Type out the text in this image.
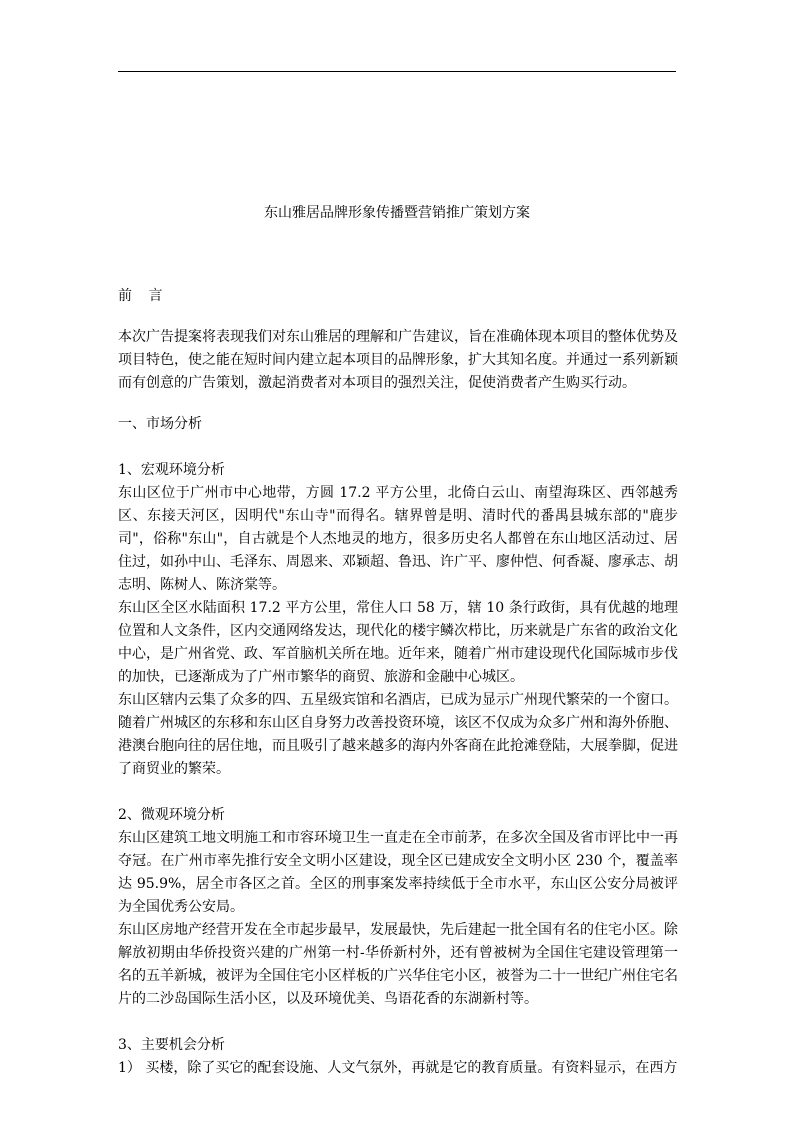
东山雅居品牌形象传播暨营销推广策划方案

前 言

本次广告提案将表现我们对东山雅居的理解和广告建议，旨在准确体现本项目的整体优势及项目特色，使之能在短时间内建立起本项目的品牌形象，扩大其知名度。并通过一系列新颖而有创意的广告策划，激起消费者对本项目的强烈关注，促使消费者产生购买行动。

一、市场分析

1、宏观环境分析

东山区位于广州市中心地带，方圆 17.2 平方公里，北倚白云山、南望海珠区、西邻越秀区、东接天河区，因明代"东山寺"而得名。辖界曾是明、清时代的番禺县城东部的"鹿步司"，俗称"东山"，自古就是个人杰地灵的地方，很多历史名人都曾在东山地区活动过、居住过，如孙中山、毛泽东、周恩来、邓颖超、鲁迅、许广平、廖仲恺、何香凝、廖承志、胡志明、陈树人、陈济棠等。

东山区全区水陆面积 17.2 平方公里，常住人口 58 万，辖 10 条行政街，具有优越的地理位置和人文条件，区内交通网络发达，现代化的楼宇鳞次栉比，历来就是广东省的政治文化中心，是广州省党、政、军首脑机关所在地。近年来，随着广州市建设现代化国际城市步伐的加快，已逐渐成为了广州市繁华的商贸、旅游和金融中心城区。

东山区辖内云集了众多的四、五星级宾馆和名酒店，已成为显示广州现代繁荣的一个窗口。随着广州城区的东移和东山区自身努力改善投资环境，该区不仅成为众多广州和海外侨胞、港澳台胞向往的居住地，而且吸引了越来越多的海内外客商在此抢滩登陆，大展拳脚，促进了商贸业的繁荣。

2、微观环境分析

东山区建筑工地文明施工和市容环境卫生一直走在全市前茅，在多次全国及省市评比中一再夺冠。在广州市率先推行安全文明小区建设，现全区已建成安全文明小区 230 个，覆盖率达 95.9%，居全市各区之首。全区的刑事案发率持续低于全市水平，东山区公安分局被评为全国优秀公安局。

东山区房地产经营开发在全市起步最早，发展最快，先后建起一批全国有名的住宅小区。除解放初期由华侨投资兴建的广州第一村-华侨新村外，还有曾被树为全国住宅建设管理第一名的五羊新城，被评为全国住宅小区样板的广兴华住宅小区，被誉为二十一世纪广州住宅名片的二沙岛国际生活小区，以及环境优美、鸟语花香的东湖新村等。

3、主要机会分析

1） 买楼，除了买它的配套设施、人文气氛外，再就是它的教育质量。有资料显示，在西方
